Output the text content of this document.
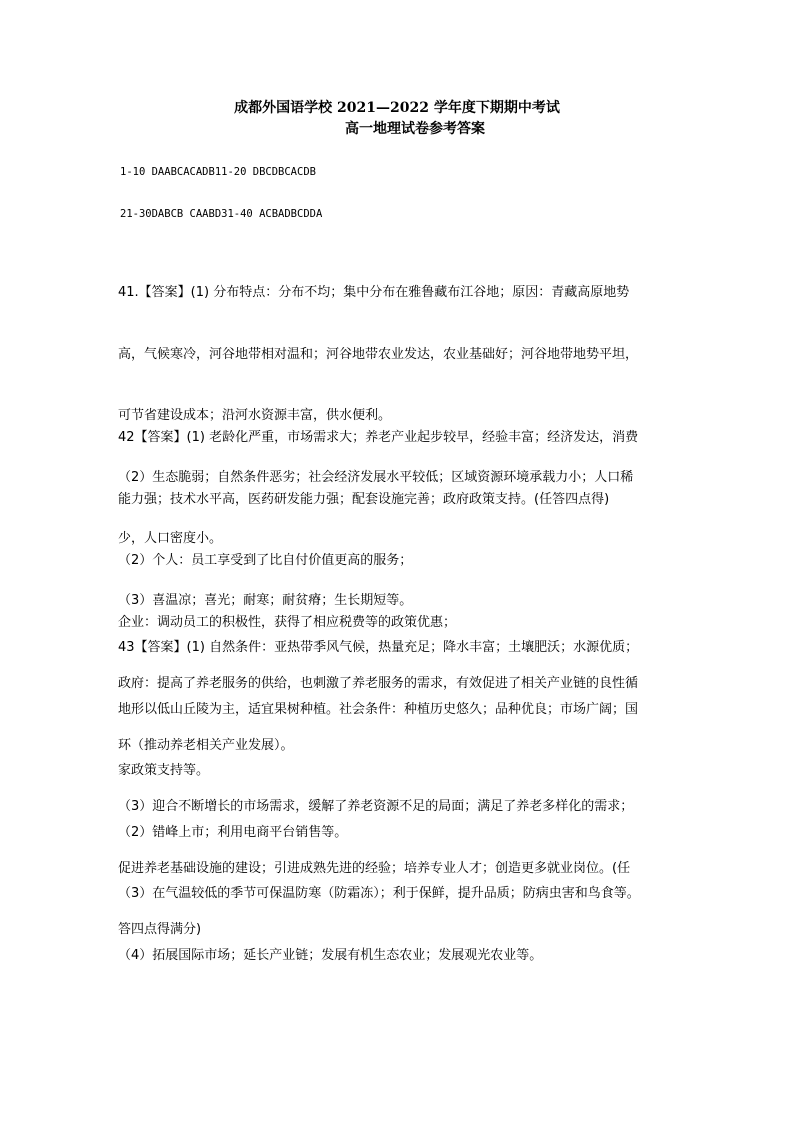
成都外国语学校 2021—2022 学年度下期期中考试
高一地理试卷参考答案
1-10 DAABCACADB11-20 DBCDBCACDB
21-30DABCB CAABD31-40 ACBADBCDDA

41.【答案】(1) 分布特点：分布不均；集中分布在雅鲁藏布江谷地；原因：青藏高原地势

高，气候寒冷，河谷地带相对温和；河谷地带农业发达，农业基础好；河谷地带地势平坦，

可节省建设成本；沿河水资源丰富，供水便利。

（2）生态脆弱；自然条件恶劣；社会经济发展水平较低；区域资源环境承载力小；人口稀

少，人口密度小。

（3）喜温凉；喜光；耐寒；耐贫瘠；生长期短等。

42【答案】(1) 老龄化严重，市场需求大；养老产业起步较早，经验丰富；经济发达，消费

能力强；技术水平高，医药研发能力强；配套设施完善；政府政策支持。(任答四点得)

（2）个人：员工享受到了比自付价值更高的服务；

企业：调动员工的积极性，获得了相应税费等的政策优惠；

政府：提高了养老服务的供给，也刺激了养老服务的需求，有效促进了相关产业链的良性循

环（推动养老相关产业发展）。

（3）迎合不断增长的市场需求，缓解了养老资源不足的局面；满足了养老多样化的需求；

促进养老基础设施的建设；引进成熟先进的经验；培养专业人才；创造更多就业岗位。(任

答四点得满分)

43【答案】(1) 自然条件：亚热带季风气候，热量充足；降水丰富；土壤肥沃；水源优质；

地形以低山丘陵为主，适宜果树种植。社会条件：种植历史悠久；品种优良；市场广阔；国

家政策支持等。

（2）错峰上市；利用电商平台销售等。

（3）在气温较低的季节可保温防寒（防霜冻）；利于保鲜，提升品质；防病虫害和鸟食等。

（4）拓展国际市场；延长产业链；发展有机生态农业；发展观光农业等。
